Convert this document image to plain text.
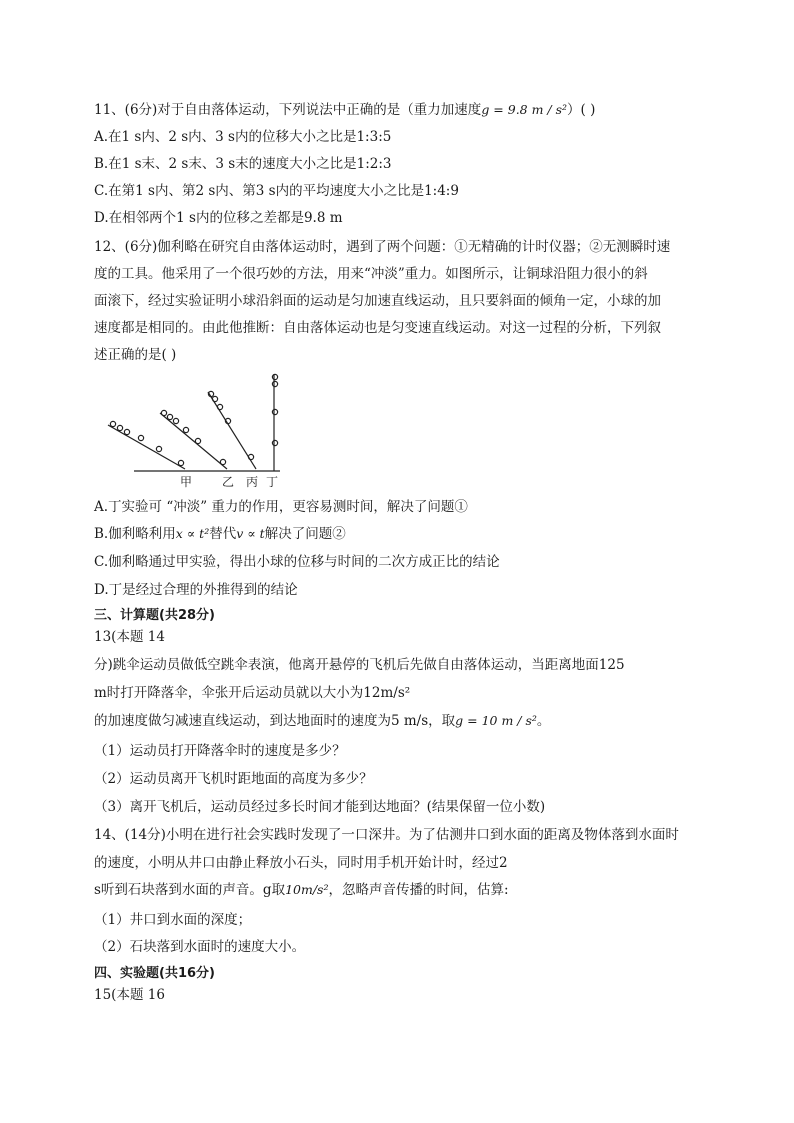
11、(6分)对于自由落体运动，下列说法中正确的是（重力加速度g = 9.8 m / s²）( )
A.在1 s内、2 s内、3 s内的位移大小之比是1:3:5
B.在1 s末、2 s末、3 s末的速度大小之比是1:2:3
C.在第1 s内、第2 s内、第3 s内的平均速度大小之比是1:4:9
D.在相邻两个1 s内的位移之差都是9.8 m
12、(6分)伽利略在研究自由落体运动时，遇到了两个问题：①无精确的计时仪器；②无测瞬时速
度的工具。他采用了一个很巧妙的方法，用来“冲淡”重力。如图所示，让铜球沿阻力很小的斜
面滚下，经过实验证明小球沿斜面的运动是匀加速直线运动，且只要斜面的倾角一定，小球的加
速度都是相同的。由此他推断：自由落体运动也是匀变速直线运动。对这一过程的分析，下列叙
述正确的是( )
甲 乙 丙 丁
A.丁实验可 “冲淡” 重力的作用，更容易测时间，解决了问题①
B.伽利略利用x ∝ t²替代v ∝ t解决了问题②
C.伽利略通过甲实验，得出小球的位移与时间的二次方成正比的结论
D.丁是经过合理的外推得到的结论
三、计算题(共28分)
13(本题 14
分)跳伞运动员做低空跳伞表演，他离开悬停的飞机后先做自由落体运动，当距离地面125
m时打开降落伞，伞张开后运动员就以大小为12m/s²
的加速度做匀减速直线运动，到达地面时的速度为5 m/s，取g = 10 m / s²。
（1）运动员打开降落伞时的速度是多少？
（2）运动员离开飞机时距地面的高度为多少？
（3）离开飞机后，运动员经过多长时间才能到达地面？(结果保留一位小数)
14、(14分)小明在进行社会实践时发现了一口深井。为了估测井口到水面的距离及物体落到水面时
的速度，小明从井口由静止释放小石头，同时用手机开始计时，经过2
s听到石块落到水面的声音。g取10m/s²，忽略声音传播的时间，估算:
（1）井口到水面的深度；
（2）石块落到水面时的速度大小。
四、实验题(共16分)
15(本题 16
